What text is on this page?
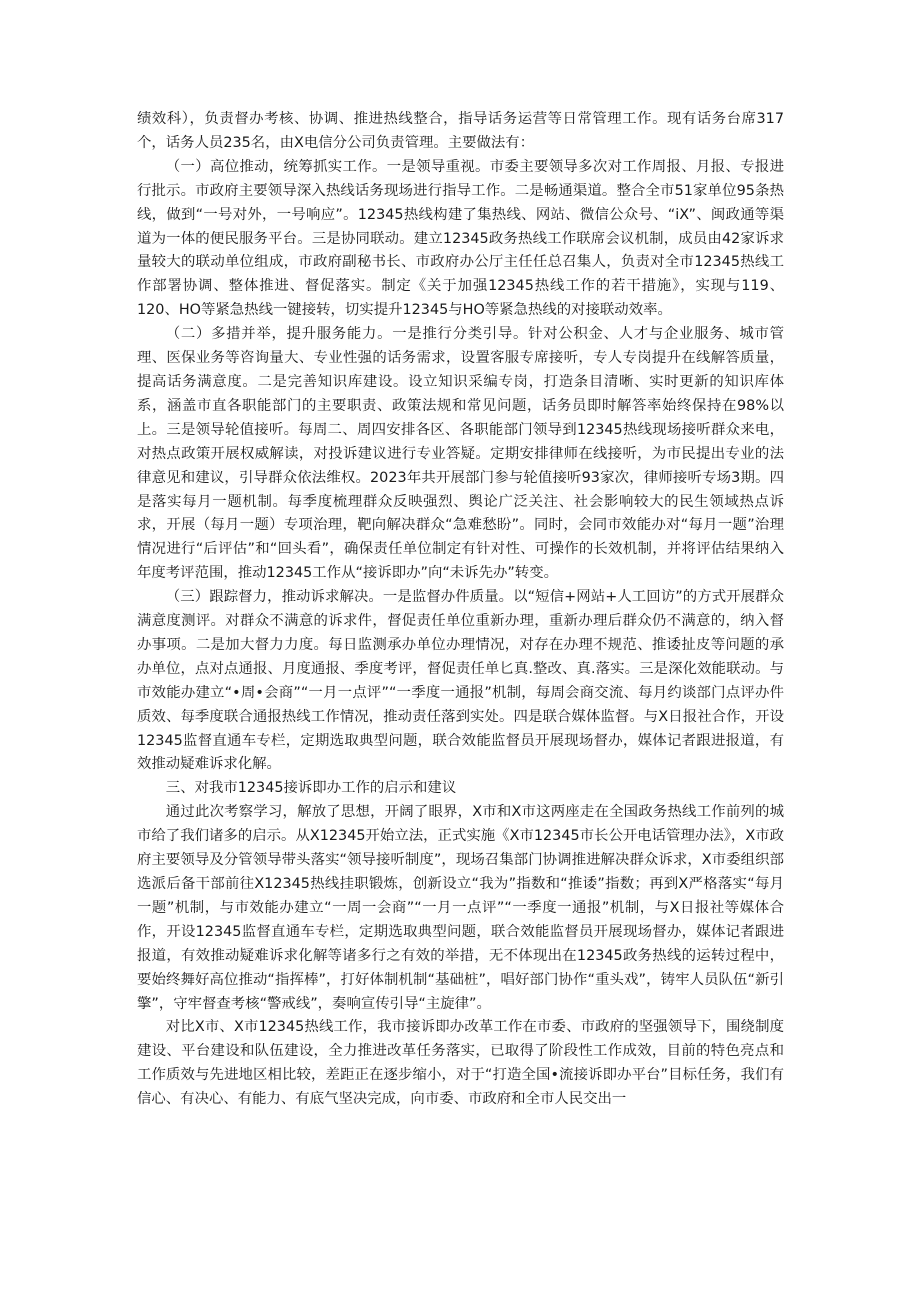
绩效科），负责督办考核、协调、推进热线整合，指导话务运营等日常管理工作。现有话务台席317个，话务人员235名，由X电信分公司负责管理。主要做法有：

（一）高位推动，统筹抓实工作。一是领导重视。市委主要领导多次对工作周报、月报、专报进行批示。市政府主要领导深入热线话务现场进行指导工作。二是畅通渠道。整合全市51家单位95条热线，做到“一号对外，一号响应”。12345热线构建了集热线、网站、微信公众号、“iX”、闽政通等渠道为一体的便民服务平台。三是协同联动。建立12345政务热线工作联席会议机制，成员由42家诉求量较大的联动单位组成，市政府副秘书长、市政府办公厅主任任总召集人，负责对全市12345热线工作部署协调、整体推进、督促落实。制定《关于加强12345热线工作的若干措施》，实现与119、120、HO等紧急热线一键接转，切实提升12345与HO等紧急热线的对接联动效率。

（二）多措并举，提升服务能力。一是推行分类引导。针对公积金、人才与企业服务、城市管理、医保业务等咨询量大、专业性强的话务需求，设置客服专席接听，专人专岗提升在线解答质量，提高话务满意度。二是完善知识库建设。设立知识采编专岗，打造条目清晰、实时更新的知识库体系，涵盖市直各职能部门的主要职责、政策法规和常见问题，话务员即时解答率始终保持在98%以上。三是领导轮值接听。每周二、周四安排各区、各职能部门领导到12345热线现场接听群众来电，对热点政策开展权威解读，对投诉建议进行专业答疑。定期安排律师在线接听，为市民提出专业的法律意见和建议，引导群众依法维权。2023年共开展部门参与轮值接听93家次，律师接听专场3期。四是落实每月一题机制。每季度梳理群众反映强烈、舆论广泛关注、社会影响较大的民生领域热点诉求，开展（每月一题）专项治理，靶向解决群众“急难愁盼”。同时，会同市效能办对“每月一题”治理情况进行“后评估”和“回头看”，确保责任单位制定有针对性、可操作的长效机制，并将评估结果纳入年度考评范围，推动12345工作从“接诉即办”向“未诉先办”转变。

（三）跟踪督力，推动诉求解决。一是监督办件质量。以“短信+网站+人工回访”的方式开展群众满意度测评。对群众不满意的诉求件，督促责任单位重新办理，重新办理后群众仍不满意的，纳入督办事项。二是加大督力力度。每日监测承办单位办理情况，对存在办理不规范、推诿扯皮等问题的承办单位，点对点通报、月度通报、季度考评，督促责任单匕真.整改、真.落实。三是深化效能联动。与市效能办建立“•周•会商”“一月一点评”“一季度一通报”机制，每周会商交流、每月约谈部门点评办件质效、每季度联合通报热线工作情况，推动责任落到实处。四是联合媒体监督。与X日报社合作，开设12345监督直通车专栏，定期选取典型问题，联合效能监督员开展现场督办，媒体记者跟进报道，有效推动疑难诉求化解。

三、对我市12345接诉即办工作的启示和建议

通过此次考察学习，解放了思想，开阔了眼界，X市和X市这两座走在全国政务热线工作前列的城市给了我们诸多的启示。从X12345开始立法，正式实施《X市12345市长公开电话管理办法》，X市政府主要领导及分管领导带头落实“领导接听制度”，现场召集部门协调推进解决群众诉求，X市委组织部选派后备干部前往X12345热线挂职锻炼，创新设立“我为”指数和“推诿”指数；再到X严格落实“每月一题”机制，与市效能办建立“一周一会商”“一月一点评”“一季度一通报”机制，与X日报社等媒体合作，开设12345监督直通车专栏，定期选取典型问题，联合效能监督员开展现场督办，媒体记者跟进报道，有效推动疑难诉求化解等诸多行之有效的举措，无不体现出在12345政务热线的运转过程中，要始终舞好高位推动“指挥棒”，打好体制机制“基础桩”，唱好部门协作“重头戏”，铸牢人员队伍“新引擎”，守牢督查考核“警戒线”，奏响宣传引导“主旋律”。

对比X市、X市12345热线工作，我市接诉即办改革工作在市委、市政府的坚强领导下，围绕制度建设、平台建设和队伍建设，全力推进改革任务落实，已取得了阶段性工作成效，目前的特色亮点和工作质效与先进地区相比较，差距正在逐步缩小，对于“打造全国•流接诉即办平台”目标任务，我们有信心、有决心、有能力、有底气坚决完成，向市委、市政府和全市人民交出一
